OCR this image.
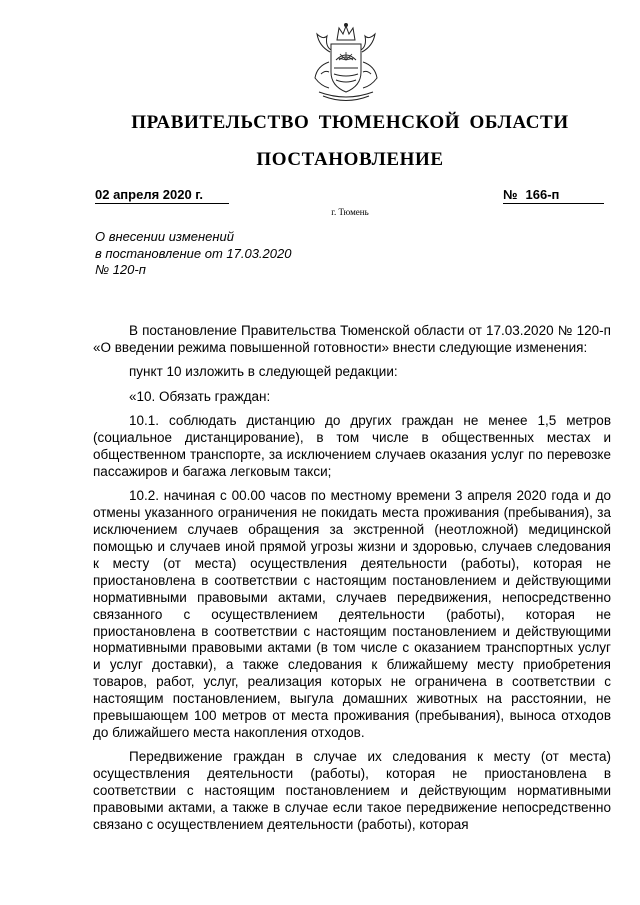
ПРАВИТЕЛЬСТВО ТЮМЕНСКОЙ ОБЛАСТИ
ПОСТАНОВЛЕНИЕ
02 апреля 2020 г.	№ 166-п
г. Тюмень
О внесении изменений
в постановление от 17.03.2020
№ 120-п

В постановление Правительства Тюменской области от 17.03.2020 № 120-п «О введении режима повышенной готовности» внести следующие изменения:

пункт 10 изложить в следующей редакции:

«10. Обязать граждан:

10.1. соблюдать дистанцию до других граждан не менее 1,5 метров (социальное дистанцирование), в том числе в общественных местах и общественном транспорте, за исключением случаев оказания услуг по перевозке пассажиров и багажа легковым такси;

10.2. начиная с 00.00 часов по местному времени 3 апреля 2020 года и до отмены указанного ограничения не покидать места проживания (пребывания), за исключением случаев обращения за экстренной (неотложной) медицинской помощью и случаев иной прямой угрозы жизни и здоровью, случаев следования к месту (от места) осуществления деятельности (работы), которая не приостановлена в соответствии с настоящим постановлением и действующими нормативными правовыми актами, случаев передвижения, непосредственно связанного с осуществлением деятельности (работы), которая не приостановлена в соответствии с настоящим постановлением и действующими нормативными правовыми актами (в том числе с оказанием транспортных услуг и услуг доставки), а также следования к ближайшему месту приобретения товаров, работ, услуг, реализация которых не ограничена в соответствии с настоящим постановлением, выгула домашних животных на расстоянии, не превышающем 100 метров от места проживания (пребывания), выноса отходов до ближайшего места накопления отходов.

Передвижение граждан в случае их следования к месту (от места) осуществления деятельности (работы), которая не приостановлена в соответствии с настоящим постановлением и действующим нормативными правовыми актами, а также в случае если такое передвижение непосредственно связано с осуществлением деятельности (работы), которая
